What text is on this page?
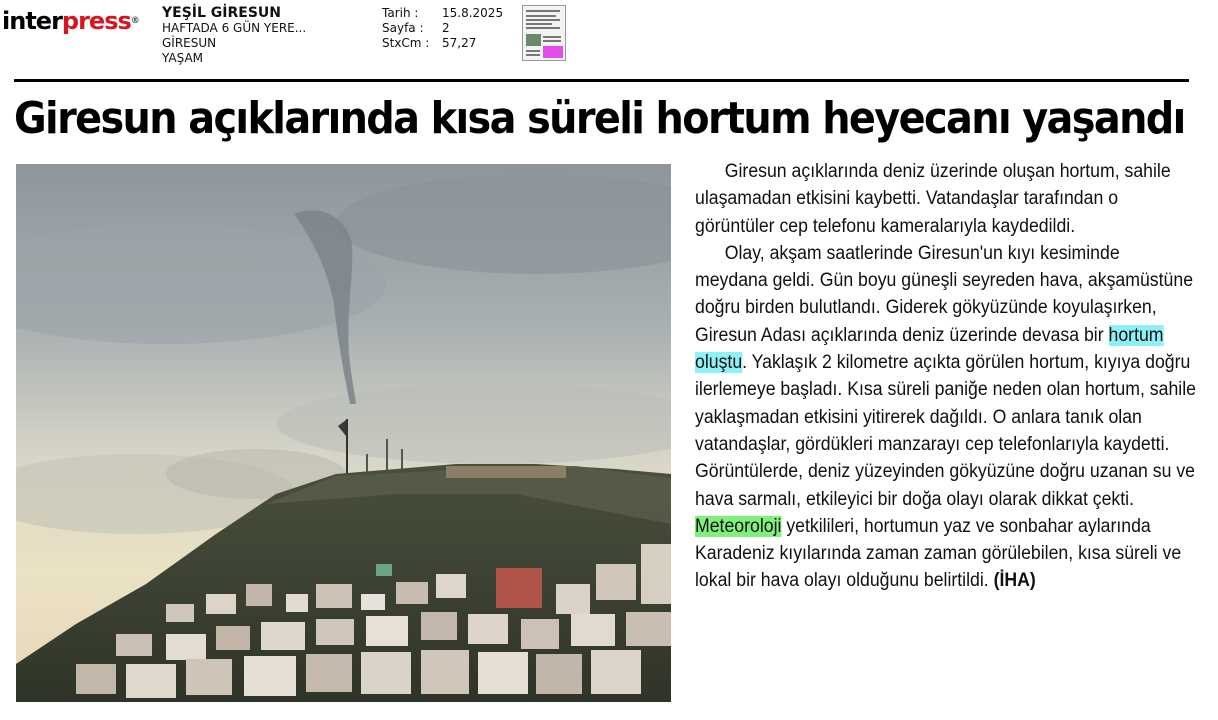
interpress® YEŞİL GİRESUN
HAFTADA 6 GÜN YERE...
GİRESUN
YAŞAM
Tarih :	15.8.2025
Sayfa :	2
StxCm :	57,27
Giresun açıklarında kısa süreli hortum heyecanı yaşandı

Giresun açıklarında deniz üzerinde oluşan hortum, sahile ulaşamadan etkisini kaybetti. Vatandaşlar tarafından o görüntüler cep telefonu kameralarıyla kaydedildi.

Olay, akşam saatlerinde Giresun'un kıyı kesiminde meydana geldi. Gün boyu güneşli seyreden hava, akşamüstüne doğru birden bulutlandı. Giderek gökyüzünde koyulaşırken, Giresun Adası açıklarında deniz üzerinde devasa bir hortum oluştu. Yaklaşık 2 kilometre açıkta görülen hortum, kıyıya doğru ilerlemeye başladı. Kısa süreli paniğe neden olan hortum, sahile yaklaşmadan etkisini yitirerek dağıldı. O anlara tanık olan vatandaşlar, gördükleri manzarayı cep telefonlarıyla kaydetti. Görüntülerde, deniz yüzeyinden gökyüzüne doğru uzanan su ve hava sarmalı, etkileyici bir doğa olayı olarak dikkat çekti. Meteoroloji yetkilileri, hortumun yaz ve sonbahar aylarında Karadeniz kıyılarında zaman zaman görülebilen, kısa süreli ve lokal bir hava olayı olduğunu belirtildi. (İHA)
